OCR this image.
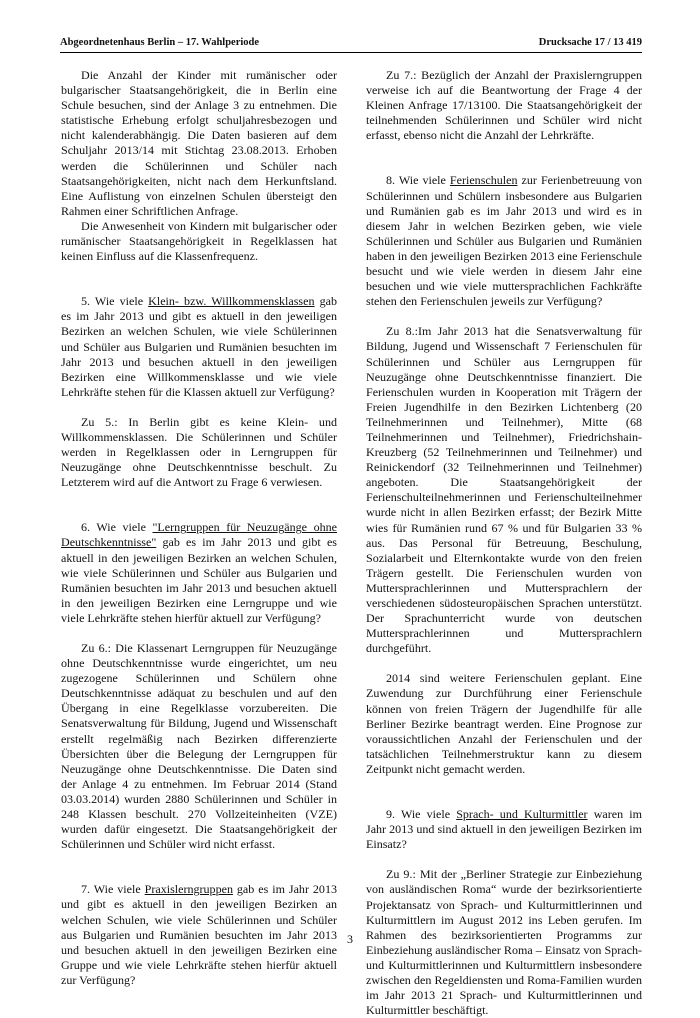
Abgeordnetenhaus Berlin – 17. Wahlperiode	Drucksache 17 / 13 419

Die Anzahl der Kinder mit rumänischer oder bulgarischer Staatsangehörigkeit, die in Berlin eine Schule besuchen, sind der Anlage 3 zu entnehmen. Die statistische Erhebung erfolgt schuljahresbezogen und nicht kalenderabhängig. Die Daten basieren auf dem Schuljahr 2013/14 mit Stichtag 23.08.2013. Erhoben werden die Schülerinnen und Schüler nach Staatsangehörigkeiten, nicht nach dem Herkunftsland. Eine Auflistung von einzelnen Schulen übersteigt den Rahmen einer Schriftlichen Anfrage.

Die Anwesenheit von Kindern mit bulgarischer oder rumänischer Staatsangehörigkeit in Regelklassen hat keinen Einfluss auf die Klassenfrequenz.

5. Wie viele Klein- bzw. Willkommensklassen gab es im Jahr 2013 und gibt es aktuell in den jeweiligen Bezirken an welchen Schulen, wie viele Schülerinnen und Schüler aus Bulgarien und Rumänien besuchten im Jahr 2013 und besuchen aktuell in den jeweiligen Bezirken eine Willkommensklasse und wie viele Lehrkräfte stehen für die Klassen aktuell zur Verfügung?

Zu 5.: In Berlin gibt es keine Klein- und Willkommensklassen. Die Schülerinnen und Schüler werden in Regelklassen oder in Lerngruppen für Neuzugänge ohne Deutschkenntnisse beschult. Zu Letzterem wird auf die Antwort zu Frage 6 verwiesen.

6. Wie viele "Lerngruppen für Neuzugänge ohne Deutschkenntnisse" gab es im Jahr 2013 und gibt es aktuell in den jeweiligen Bezirken an welchen Schulen, wie viele Schülerinnen und Schüler aus Bulgarien und Rumänien besuchten im Jahr 2013 und besuchen aktuell in den jeweiligen Bezirken eine Lerngruppe und wie viele Lehrkräfte stehen hierfür aktuell zur Verfügung?

Zu 6.: Die Klassenart Lerngruppen für Neuzugänge ohne Deutschkenntnisse wurde eingerichtet, um neu zugezogene Schülerinnen und Schülern ohne Deutschkenntnisse adäquat zu beschulen und auf den Übergang in eine Regelklasse vorzubereiten. Die Senatsverwaltung für Bildung, Jugend und Wissenschaft erstellt regelmäßig nach Bezirken differenzierte Übersichten über die Belegung der Lerngruppen für Neuzugänge ohne Deutschkenntnisse. Die Daten sind der Anlage 4 zu entnehmen. Im Februar 2014 (Stand 03.03.2014) wurden 2880 Schülerinnen und Schüler in 248 Klassen beschult. 270 Vollzeiteinheiten (VZE) wurden dafür eingesetzt. Die Staatsangehörigkeit der Schülerinnen und Schüler wird nicht erfasst.

7. Wie viele Praxislerngruppen gab es im Jahr 2013 und gibt es aktuell in den jeweiligen Bezirken an welchen Schulen, wie viele Schülerinnen und Schüler aus Bulgarien und Rumänien besuchten im Jahr 2013 und besuchen aktuell in den jeweiligen Bezirken eine Gruppe und wie viele Lehrkräfte stehen hierfür aktuell zur Verfügung?

Zu 7.: Bezüglich der Anzahl der Praxislerngruppen verweise ich auf die Beantwortung der Frage 4 der Kleinen Anfrage 17/13100. Die Staatsangehörigkeit der teilnehmenden Schülerinnen und Schüler wird nicht erfasst, ebenso nicht die Anzahl der Lehrkräfte.

8. Wie viele Ferienschulen zur Ferienbetreuung von Schülerinnen und Schülern insbesondere aus Bulgarien und Rumänien gab es im Jahr 2013 und wird es in diesem Jahr in welchen Bezirken geben, wie viele Schülerinnen und Schüler aus Bulgarien und Rumänien haben in den jeweiligen Bezirken 2013 eine Ferienschule besucht und wie viele werden in diesem Jahr eine besuchen und wie viele muttersprachlichen Fachkräfte stehen den Ferienschulen jeweils zur Verfügung?

Zu 8.:Im Jahr 2013 hat die Senatsverwaltung für Bildung, Jugend und Wissenschaft 7 Ferienschulen für Schülerinnen und Schüler aus Lerngruppen für Neuzugänge ohne Deutschkenntnisse finanziert. Die Ferienschulen wurden in Kooperation mit Trägern der Freien Jugendhilfe in den Bezirken Lichtenberg (20 Teilnehmerinnen und Teilnehmer), Mitte (68 Teilnehmerinnen und Teilnehmer), Friedrichshain-Kreuzberg (52 Teilnehmerinnen und Teilnehmer) und Reinickendorf (32 Teilnehmerinnen und Teilnehmer) angeboten. Die Staatsangehörigkeit der Ferienschulteilnehmerinnen und Ferienschulteilnehmer wurde nicht in allen Bezirken erfasst; der Bezirk Mitte wies für Rumänien rund 67 % und für Bulgarien 33 % aus. Das Personal für Betreuung, Beschulung, Sozialarbeit und Elternkontakte wurde von den freien Trägern gestellt. Die Ferienschulen wurden von Muttersprachlerinnen und Muttersprachlern der verschiedenen südosteuropäischen Sprachen unterstützt. Der Sprachunterricht wurde von deutschen Muttersprachlerinnen und Muttersprachlern durchgeführt.

2014 sind weitere Ferienschulen geplant. Eine Zuwendung zur Durchführung einer Ferienschule können von freien Trägern der Jugendhilfe für alle Berliner Bezirke beantragt werden. Eine Prognose zur voraussichtlichen Anzahl der Ferienschulen und der tatsächlichen Teilnehmerstruktur kann zu diesem Zeitpunkt nicht gemacht werden.

9. Wie viele Sprach- und Kulturmittler waren im Jahr 2013 und sind aktuell in den jeweiligen Bezirken im Einsatz?

Zu 9.: Mit der „Berliner Strategie zur Einbeziehung von ausländischen Roma“ wurde der bezirksorientierte Projektansatz von Sprach- und Kulturmittlerinnen und Kulturmittlern im August 2012 ins Leben gerufen. Im Rahmen des bezirksorientierten Programms zur Einbeziehung ausländischer Roma – Einsatz von Sprach- und Kulturmittlerinnen und Kulturmittlern insbesondere zwischen den Regeldiensten und Roma-Familien wurden im Jahr 2013 21 Sprach- und Kulturmittlerinnen und Kulturmittler beschäftigt.

3
